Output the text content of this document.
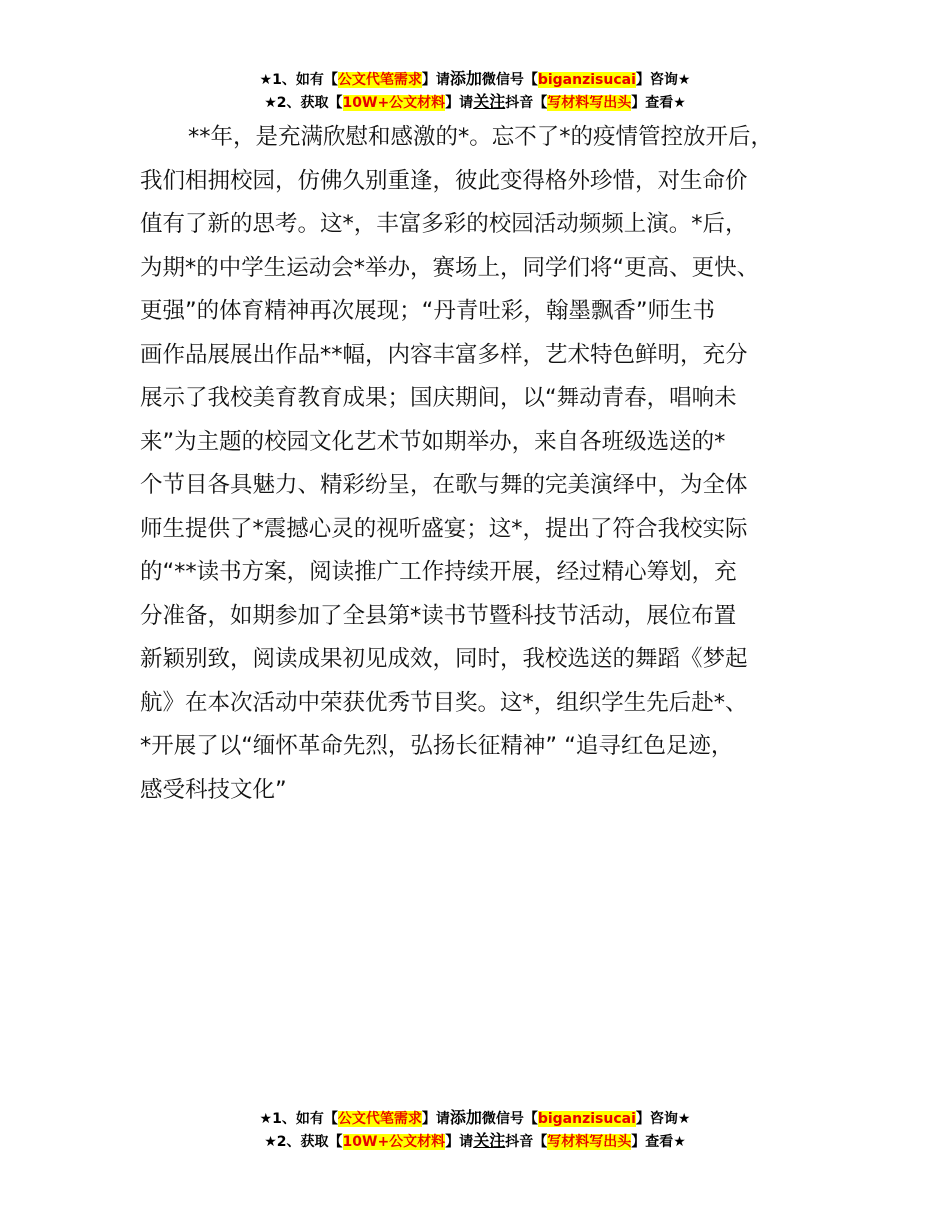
★1、如有【公文代笔需求】请添加微信号【biganzisucai】咨询★
★2、获取【10W+公文材料】请关注抖音【写材料写出头】查看★
**年，是充满欣慰和感激的*。忘不了*的疫情管控放开后，
我们相拥校园，仿佛久别重逢，彼此变得格外珍惜，对生命价
值有了新的思考。这*，丰富多彩的校园活动频频上演。*后，
为期*的中学生运动会*举办，赛场上，同学们将“更高、更快、
更强”的体育精神再次展现；“丹青吐彩，翰墨飘香”师生书
画作品展展出作品**幅，内容丰富多样，艺术特色鲜明，充分
展示了我校美育教育成果；国庆期间，以“舞动青春，唱响未
来”为主题的校园文化艺术节如期举办，来自各班级选送的*
个节目各具魅力、精彩纷呈，在歌与舞的完美演绎中，为全体
师生提供了*震撼心灵的视听盛宴；这*，提出了符合我校实际
的“**读书方案，阅读推广工作持续开展，经过精心筹划，充
分准备，如期参加了全县第*读书节暨科技节活动，展位布置
新颖别致，阅读成果初见成效，同时，我校选送的舞蹈《梦起
航》在本次活动中荣获优秀节目奖。这*，组织学生先后赴*、
*开展了以“缅怀革命先烈，弘扬长征精神” “追寻红色足迹，
感受科技文化”
★1、如有【公文代笔需求】请添加微信号【biganzisucai】咨询★
★2、获取【10W+公文材料】请关注抖音【写材料写出头】查看★
